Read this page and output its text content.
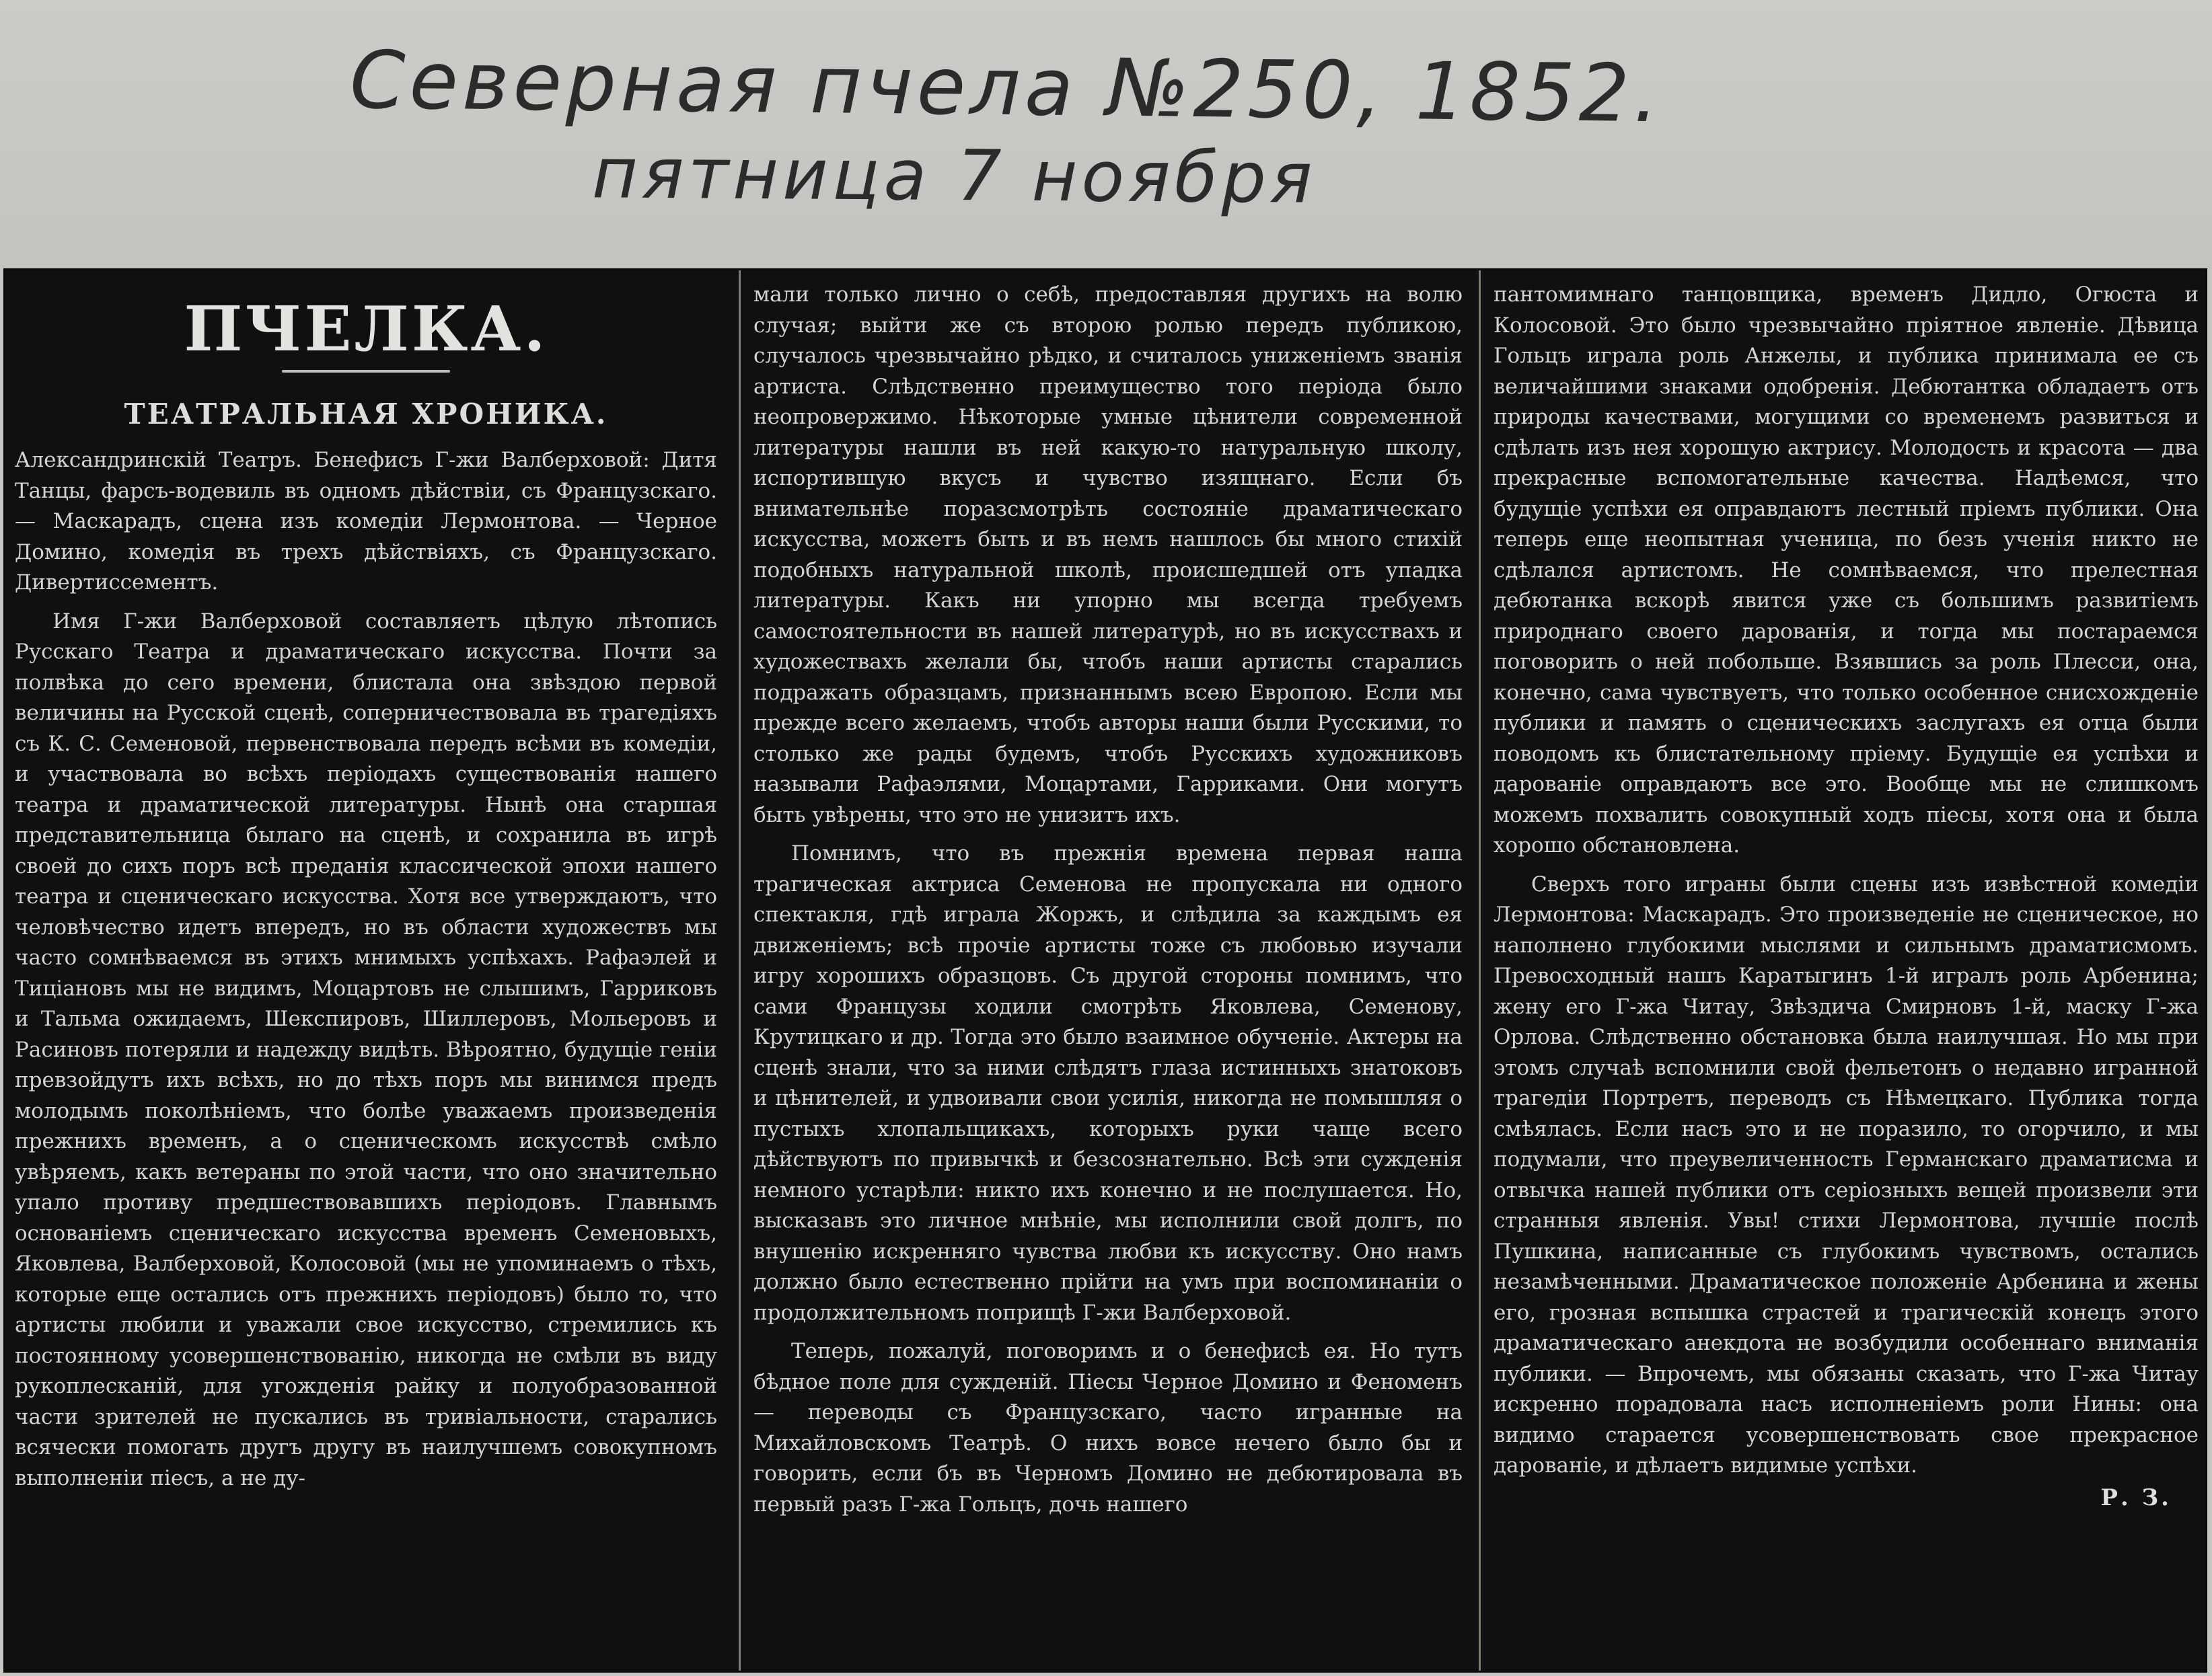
Северная пчела №250, 1852.
пятница 7 ноября
ПЧЕЛКА.
ТЕАТРАЛЬНАЯ ХРОНИКА.

Александринскій Театръ. Бенефисъ Г-жи Валберховой: Дитя Танцы, фарсъ-водевиль въ одномъ дѣйствіи, съ Французскаго. — Маскарадъ, сцена изъ комедіи Лермонтова. — Черное Домино, комедія въ трехъ дѣйствіяхъ, съ Французскаго. Дивертиссементъ.

Имя Г-жи Валберховой составляетъ цѣлую лѣтопись Русскаго Театра и драматическаго искусства. Почти за полвѣка до сего времени, блистала она звѣздою первой величины на Русской сценѣ, соперничествовала въ трагедіяхъ съ К. С. Семеновой, первенствовала передъ всѣми въ комедіи, и участвовала во всѣхъ періодахъ существованія нашего театра и драматической литературы. Нынѣ она старшая представительница былаго на сценѣ, и сохранила въ игрѣ своей до сихъ поръ всѣ преданія классической эпохи нашего театра и сценическаго искусства. Хотя все утверждаютъ, что человѣчество идетъ впередъ, но въ области художествъ мы часто сомнѣваемся въ этихъ мнимыхъ успѣхахъ. Рафаэлей и Тиціановъ мы не видимъ, Моцартовъ не слышимъ, Гарриковъ и Тальма ожидаемъ, Шекспировъ, Шиллеровъ, Мольеровъ и Расиновъ потеряли и надежду видѣть. Вѣроятно, будущіе геніи превзойдутъ ихъ всѣхъ, но до тѣхъ поръ мы винимся предъ молодымъ поколѣніемъ, что болѣе уважаемъ произведенія прежнихъ временъ, а о сценическомъ искусствѣ смѣло увѣряемъ, какъ ветераны по этой части, что оно значительно упало противу предшествовавшихъ періодовъ. Главнымъ основаніемъ сценическаго искусства временъ Семеновыхъ, Яковлева, Валберховой, Колосовой (мы не упоминаемъ о тѣхъ, которые еще остались отъ прежнихъ періодовъ) было то, что артисты любили и уважали свое искусство, стремились къ постоянному усовершенствованію, никогда не смѣли въ виду рукоплесканій, для угожденія райку и полуобразованной части зрителей не пускались въ тривіальности, старались всячески помогать другъ другу въ наилучшемъ совокупномъ выполненіи пiесъ, а не ду-

мали только лично о себѣ, предоставляя другихъ на волю случая; выйти же съ второю ролью передъ публикою, случалось чрезвычайно рѣдко, и считалось униженіемъ званія артиста. Слѣдственно преимущество того періода было неопровержимо. Нѣкоторые умные цѣнители современной литературы нашли въ ней какую-то натуральную школу, испортившую вкусъ и чувство изящнаго. Если бъ внимательнѣе поразсмотрѣть состояніе драматическаго искусства, можетъ быть и въ немъ нашлось бы много стихій подобныхъ натуральной школѣ, происшедшей отъ упадка литературы. Какъ ни упорно мы всегда требуемъ самостоятельности въ нашей литературѣ, но въ искусствахъ и художествахъ желали бы, чтобъ наши артисты старались подражать образцамъ, признаннымъ всею Европою. Если мы прежде всего желаемъ, чтобъ авторы наши были Русскими, то столько же рады будемъ, чтобъ Русскихъ художниковъ называли Рафаэлями, Моцартами, Гарриками. Они могутъ быть увѣрены, что это не унизитъ ихъ.

Помнимъ, что въ прежнія времена первая наша трагическая актриса Семенова не пропускала ни одного спектакля, гдѣ играла Жоржъ, и слѣдила за каждымъ ея движеніемъ; всѣ прочіе артисты тоже съ любовью изучали игру хорошихъ образцовъ. Съ другой стороны помнимъ, что сами Французы ходили смотрѣть Яковлева, Семенову, Крутицкаго и др. Тогда это было взаимное обученіе. Актеры на сценѣ знали, что за ними слѣдятъ глаза истинныхъ знатоковъ и цѣнителей, и удвоивали свои усилія, никогда не помышляя о пустыхъ хлопальщикахъ, которыхъ руки чаще всего дѣйствуютъ по привычкѣ и безсознательно. Всѣ эти сужденія немного устарѣли: никто ихъ конечно и не послушается. Но, высказавъ это личное мнѣніе, мы исполнили свой долгъ, по внушенію искренняго чувства любви къ искусству. Оно намъ должно было естественно прійти на умъ при воспоминаніи о продолжительномъ поприщѣ Г-жи Валберховой.

Теперь, пожалуй, поговоримъ и о бенефисѣ ея. Но тутъ бѣдное поле для сужденій. Пiесы Черное Домино и Феноменъ — переводы съ Французскаго, часто игранные на Михайловскомъ Театрѣ. О нихъ вовсе нечего было бы и говорить, если бъ въ Черномъ Домино не дебютировала въ первый разъ Г-жа Гольцъ, дочь нашего

пантомимнаго танцовщика, временъ Дидло, Огюста и Колосовой. Это было чрезвычайно пріятное явленіе. Дѣвица Гольцъ играла роль Анжелы, и публика принимала ее съ величайшими знаками одобренія. Дебютантка обладаетъ отъ природы качествами, могущими со временемъ развиться и сдѣлать изъ нея хорошую актрису. Молодость и красота — два прекрасные вспомогательные качества. Надѣемся, что будущіе успѣхи ея оправдаютъ лестный пріемъ публики. Она теперь еще неопытная ученица, по безъ ученія никто не сдѣлался артистомъ. Не сомнѣваемся, что прелестная дебютанка вскорѣ явится уже съ большимъ развитіемъ природнаго своего дарованія, и тогда мы постараемся поговорить о ней побольше. Взявшись за роль Плесси, она, конечно, сама чувствуетъ, что только особенное снисхожденіе публики и память о сценическихъ заслугахъ ея отца были поводомъ къ блистательному пріему. Будущіе ея успѣхи и дарованіе оправдаютъ все это. Вообще мы не слишкомъ можемъ похвалить совокупный ходъ пiесы, хотя она и была хорошо обстановлена.

Сверхъ того играны были сцены изъ извѣстной комедіи Лермонтова: Маскарадъ. Это произведеніе не сценическое, но наполнено глубокими мыслями и сильнымъ драматисмомъ. Превосходный нашъ Каратыгинъ 1-й игралъ роль Арбенина; жену его Г-жа Читау, Звѣздича Смирновъ 1-й, маску Г-жа Орлова. Слѣдственно обстановка была наилучшая. Но мы при этомъ случаѣ вспомнили свой фельетонъ о недавно игранной трагедіи Портретъ, переводъ съ Нѣмецкаго. Публика тогда смѣялась. Если насъ это и не поразило, то огорчило, и мы подумали, что преувеличенность Германскаго драматисма и отвычка нашей публики отъ серіозныхъ вещей произвели эти странныя явленія. Увы! стихи Лермонтова, лучшіе послѣ Пушкина, написанные съ глубокимъ чувствомъ, остались незамѣченными. Драматическое положеніе Арбенина и жены его, грозная вспышка страстей и трагическій конецъ этого драматическаго анекдота не возбудили особеннаго вниманія публики. — Впрочемъ, мы обязаны сказать, что Г-жа Читау искренно порадовала насъ исполненіемъ роли Нины: она видимо старается усовершенствовать свое прекрасное дарованіе, и дѣлаетъ видимые успѣхи.

Р. З.
